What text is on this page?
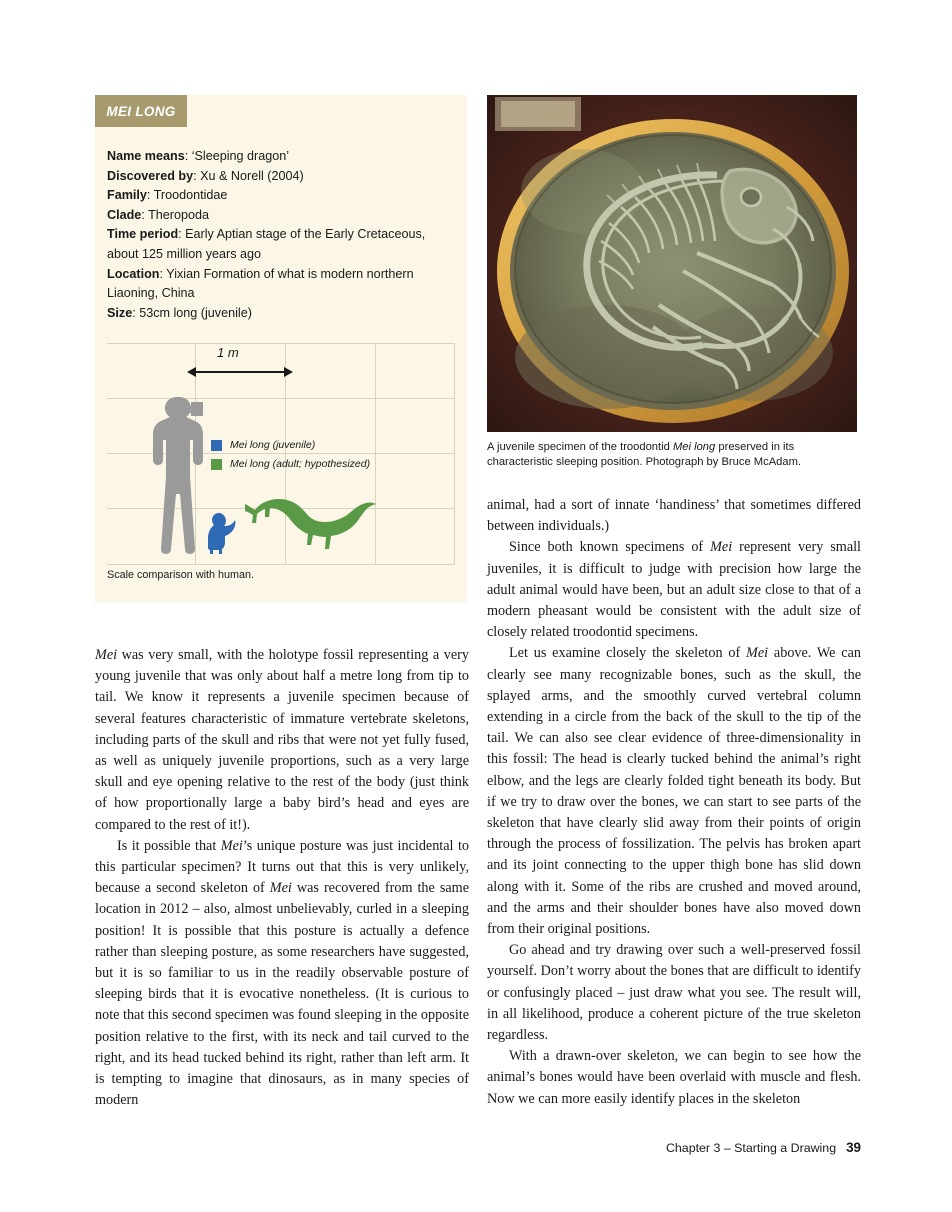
MEI LONG
Name means: ‘Sleeping dragon’
Discovered by: Xu & Norell (2004)
Family: Troodontidae
Clade: Theropoda
Time period: Early Aptian stage of the Early Cretaceous, about 125 million years ago
Location: Yixian Formation of what is modern northern Liaoning, China
Size: 53cm long (juvenile)
1 m
Mei long (juvenile)
Mei long (adult; hypothesized)
Scale comparison with human.
A juvenile specimen of the troodontid Mei long preserved in its characteristic sleeping position. Photograph by Bruce McAdam.

Mei was very small, with the holotype fossil representing a very young juvenile that was only about half a metre long from tip to tail. We know it represents a juvenile specimen because of several features characteristic of immature vertebrate skeletons, including parts of the skull and ribs that were not yet fully fused, as well as uniquely juvenile proportions, such as a very large skull and eye opening relative to the rest of the body (just think of how proportionally large a baby bird’s head and eyes are compared to the rest of it!).

Is it possible that Mei’s unique posture was just incidental to this particular specimen? It turns out that this is very unlikely, because a second skeleton of Mei was recovered from the same location in 2012 – also, almost unbelievably, curled in a sleeping position! It is possible that this posture is actually a defence rather than sleeping posture, as some researchers have suggested, but it is so familiar to us in the readily observable posture of sleeping birds that it is evocative nonetheless. (It is curious to note that this second specimen was found sleeping in the opposite position relative to the first, with its neck and tail curved to the right, and its head tucked behind its right, rather than left arm. It is tempting to imagine that dinosaurs, as in many species of modern

animal, had a sort of innate ‘handiness’ that sometimes differed between individuals.)

Since both known specimens of Mei represent very small juveniles, it is difficult to judge with precision how large the adult animal would have been, but an adult size close to that of a modern pheasant would be consistent with the adult size of closely related troodontid specimens.

Let us examine closely the skeleton of Mei above. We can clearly see many recognizable bones, such as the skull, the splayed arms, and the smoothly curved vertebral column extending in a circle from the back of the skull to the tip of the tail. We can also see clear evidence of three-dimensionality in this fossil: The head is clearly tucked behind the animal’s right elbow, and the legs are clearly folded tight beneath its body. But if we try to draw over the bones, we can start to see parts of the skeleton that have clearly slid away from their points of origin through the process of fossilization. The pelvis has broken apart and its joint connecting to the upper thigh bone has slid down along with it. Some of the ribs are crushed and moved around, and the arms and their shoulder bones have also moved down from their original positions.

Go ahead and try drawing over such a well-preserved fossil yourself. Don’t worry about the bones that are difficult to identify or confusingly placed – just draw what you see. The result will, in all likelihood, produce a coherent picture of the true skeleton regardless.

With a drawn-over skeleton, we can begin to see how the animal’s bones would have been overlaid with muscle and flesh. Now we can more easily identify places in the skeleton

Chapter 3 – Starting a Drawing 39
